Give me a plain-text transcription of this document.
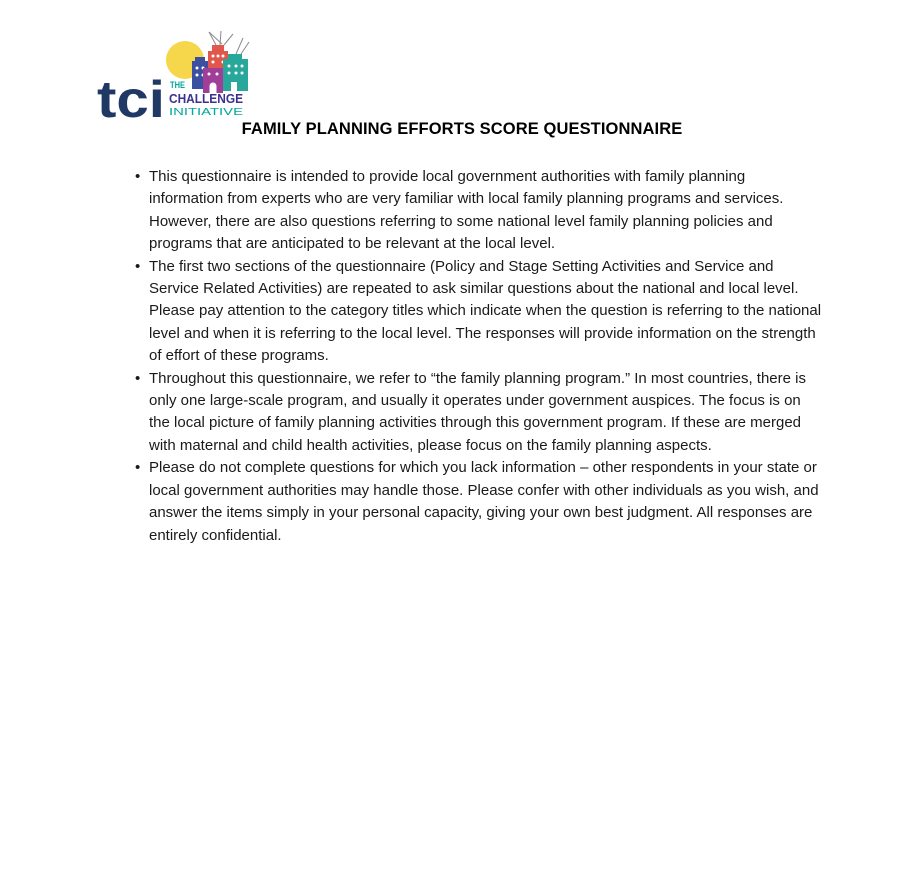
tci THE
CHALLENGE
INITIATIVE
FAMILY PLANNING EFFORTS SCORE QUESTIONNAIRE
• This questionnaire is intended to provide local government authorities with family planning information from experts who are very familiar with local family planning programs and services. However, there are also questions referring to some national level family planning policies and programs that are anticipated to be relevant at the local level.
• The first two sections of the questionnaire (Policy and Stage Setting Activities and Service and Service Related Activities) are repeated to ask similar questions about the national and local level. Please pay attention to the category titles which indicate when the question is referring to the national level and when it is referring to the local level. The responses will provide information on the strength of effort of these programs.
• Throughout this questionnaire, we refer to “the family planning program.” In most countries, there is only one large-scale program, and usually it operates under government auspices. The focus is on the local picture of family planning activities through this government program. If these are merged with maternal and child health activities, please focus on the family planning aspects.
• Please do not complete questions for which you lack information – other respondents in your state or local government authorities may handle those. Please confer with other individuals as you wish, and answer the items simply in your personal capacity, giving your own best judgment. All responses are entirely confidential.
